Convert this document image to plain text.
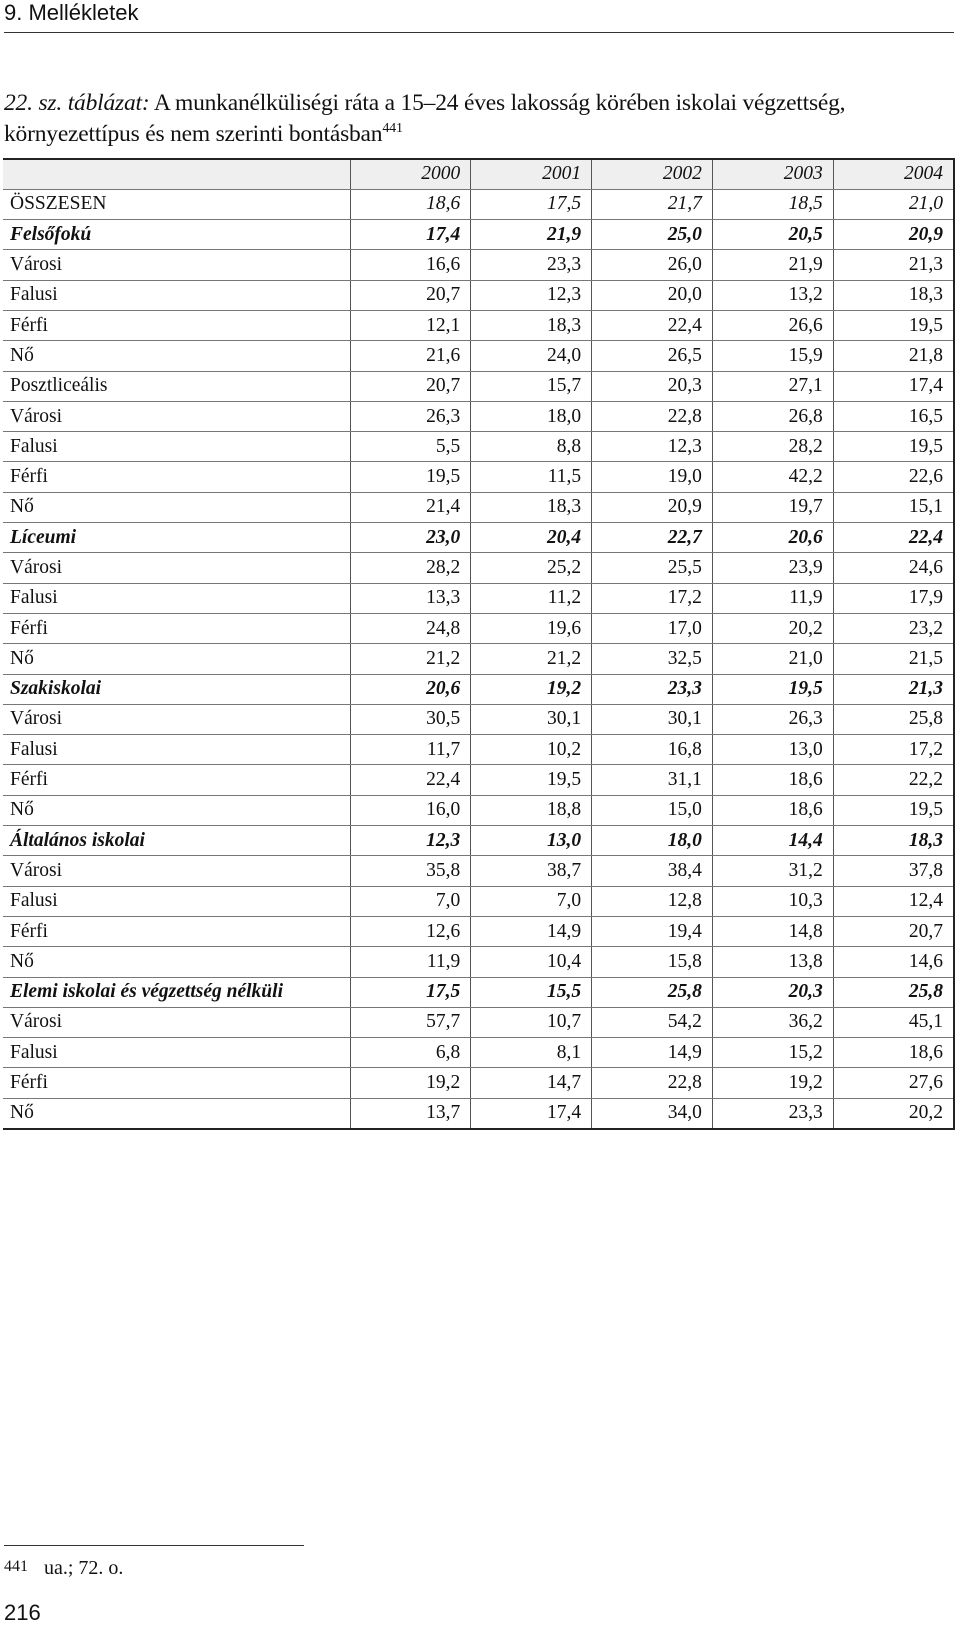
9. Mellékletek
22. sz. táblázat: A munkanélküliségi ráta a 15–24 éves lakosság körében iskolai végzettség, környezettípus és nem szerinti bontásban$^{441}$
	2000	2001	2002	2003	2004
ÖSSZESEN	18,6	17,5	21,7	18,5	21,0
Felsőfokú	17,4	21,9	25,0	20,5	20,9
Városi	16,6	23,3	26,0	21,9	21,3
Falusi	20,7	12,3	20,0	13,2	18,3
Férfi	12,1	18,3	22,4	26,6	19,5
Nő	21,6	24,0	26,5	15,9	21,8
Posztliceális	20,7	15,7	20,3	27,1	17,4
Városi	26,3	18,0	22,8	26,8	16,5
Falusi	5,5	8,8	12,3	28,2	19,5
Férfi	19,5	11,5	19,0	42,2	22,6
Nő	21,4	18,3	20,9	19,7	15,1
Líceumi	23,0	20,4	22,7	20,6	22,4
Városi	28,2	25,2	25,5	23,9	24,6
Falusi	13,3	11,2	17,2	11,9	17,9
Férfi	24,8	19,6	17,0	20,2	23,2
Nő	21,2	21,2	32,5	21,0	21,5
Szakiskolai	20,6	19,2	23,3	19,5	21,3
Városi	30,5	30,1	30,1	26,3	25,8
Falusi	11,7	10,2	16,8	13,0	17,2
Férfi	22,4	19,5	31,1	18,6	22,2
Nő	16,0	18,8	15,0	18,6	19,5
Általános iskolai	12,3	13,0	18,0	14,4	18,3
Városi	35,8	38,7	38,4	31,2	37,8
Falusi	7,0	7,0	12,8	10,3	12,4
Férfi	12,6	14,9	19,4	14,8	20,7
Nő	11,9	10,4	15,8	13,8	14,6
Elemi iskolai és végzettség nélküli	17,5	15,5	25,8	20,3	25,8
Városi	57,7	10,7	54,2	36,2	45,1
Falusi	6,8	8,1	14,9	15,2	18,6
Férfi	19,2	14,7	22,8	19,2	27,6
Nő	13,7	17,4	34,0	23,3	20,2
441 ua.; 72. o.
216
